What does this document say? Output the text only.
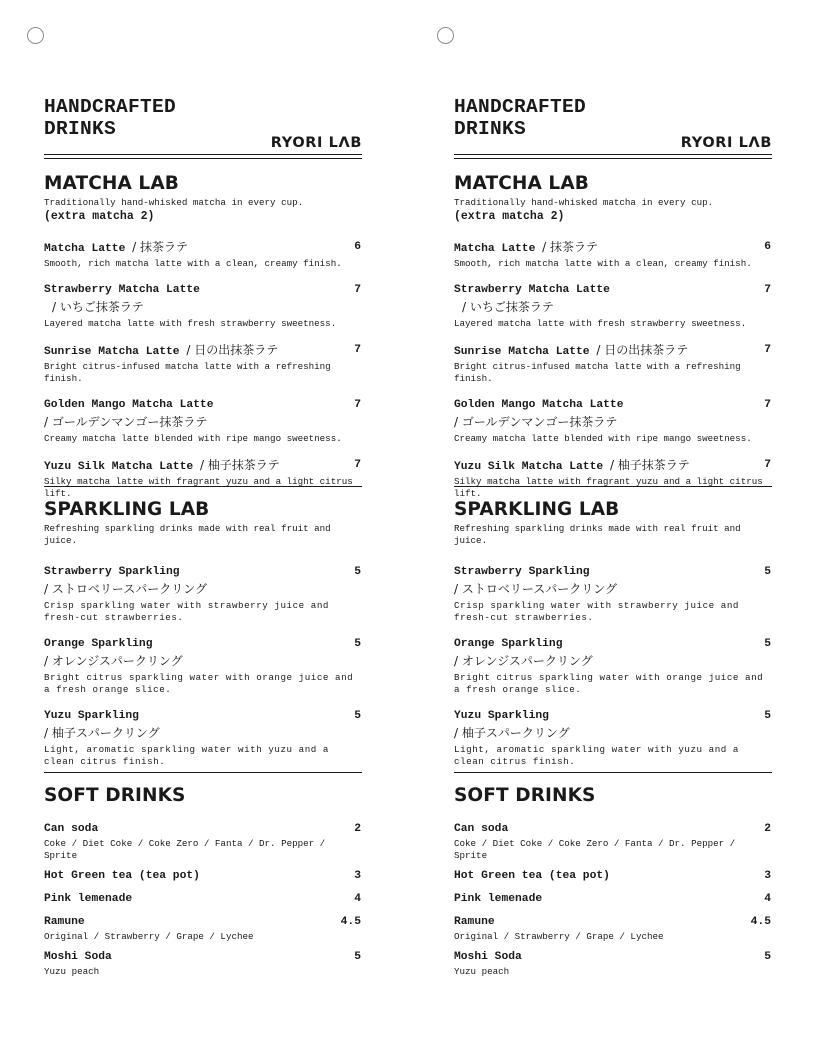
HANDCRAFTED
DRINKS
RYORI LΛB
MATCHA LAB
Traditionally hand-whisked matcha in every cup.
(extra matcha 2)
Matcha Latte / 抹茶ラテ	6
Smooth, rich matcha latte with a clean, creamy finish.
Strawberry Matcha Latte	7
/ いちご抹茶ラテ
Layered matcha latte with fresh strawberry sweetness.
Sunrise Matcha Latte / 日の出抹茶ラテ	7
Bright citrus-infused matcha latte with a refreshing finish.
Golden Mango Matcha Latte	7
/ ゴールデンマンゴー抹茶ラテ
Creamy matcha latte blended with ripe mango sweetness.
Yuzu Silk Matcha Latte / 柚子抹茶ラテ	7
Silky matcha latte with fragrant yuzu and a light citrus lift.
SPARKLING LAB
Refreshing sparkling drinks made with real fruit and juice.
Strawberry Sparkling	5
/ ストロベリースパークリング
Crisp sparkling water with strawberry juice and fresh-cut strawberries.
Orange Sparkling	5
/ オレンジスパークリング
Bright citrus sparkling water with orange juice and a fresh orange slice.
Yuzu Sparkling	5
/ 柚子スパークリング
Light, aromatic sparkling water with yuzu and a clean citrus finish.
SOFT DRINKS
Can soda	2
Coke / Diet Coke / Coke Zero / Fanta / Dr. Pepper / Sprite
Hot Green tea (tea pot)	3
Pink lemenade	4
Ramune	4.5
Original / Strawberry / Grape / Lychee
Moshi Soda	5
Yuzu peach
HANDCRAFTED
DRINKS
RYORI LΛB
MATCHA LAB
Traditionally hand-whisked matcha in every cup.
(extra matcha 2)
Matcha Latte / 抹茶ラテ	6
Smooth, rich matcha latte with a clean, creamy finish.
Strawberry Matcha Latte	7
/ いちご抹茶ラテ
Layered matcha latte with fresh strawberry sweetness.
Sunrise Matcha Latte / 日の出抹茶ラテ	7
Bright citrus-infused matcha latte with a refreshing finish.
Golden Mango Matcha Latte	7
/ ゴールデンマンゴー抹茶ラテ
Creamy matcha latte blended with ripe mango sweetness.
Yuzu Silk Matcha Latte / 柚子抹茶ラテ	7
Silky matcha latte with fragrant yuzu and a light citrus lift.
SPARKLING LAB
Refreshing sparkling drinks made with real fruit and juice.
Strawberry Sparkling	5
/ ストロベリースパークリング
Crisp sparkling water with strawberry juice and fresh-cut strawberries.
Orange Sparkling	5
/ オレンジスパークリング
Bright citrus sparkling water with orange juice and a fresh orange slice.
Yuzu Sparkling	5
/ 柚子スパークリング
Light, aromatic sparkling water with yuzu and a clean citrus finish.
SOFT DRINKS
Can soda	2
Coke / Diet Coke / Coke Zero / Fanta / Dr. Pepper / Sprite
Hot Green tea (tea pot)	3
Pink lemenade	4
Ramune	4.5
Original / Strawberry / Grape / Lychee
Moshi Soda	5
Yuzu peach
